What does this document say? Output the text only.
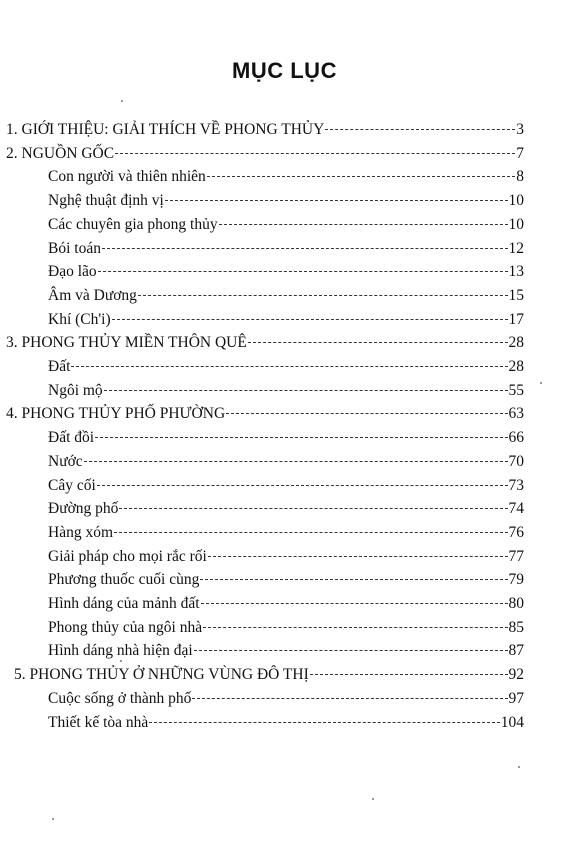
MỤC LỤC
1. GIỚI THIỆU: GIẢI THÍCH VỀ PHONG THỦY	3
2. NGUỒN GỐC	7
Con người và thiên nhiên	8
Nghệ thuật định vị	10
Các chuyên gia phong thủy	10
Bói toán	12
Đạo lão	13
Âm và Dương	15
Khí (Ch'i)	17
3. PHONG THỦY MIỀN THÔN QUÊ	28
Đất	28
Ngôi mộ	55
4. PHONG THỦY PHỐ PHƯỜNG	63
Đất đồi	66
Nước	70
Cây cối	73
Đường phố	74
Hàng xóm	76
Giải pháp cho mọi rắc rối	77
Phương thuốc cuối cùng	79
Hình dáng của mảnh đất	80
Phong thủy của ngôi nhà	85
Hình dáng nhà hiện đại	87
5. PHONG THỦY Ở NHỮNG VÙNG ĐÔ THỊ	92
Cuộc sống ở thành phố	97
Thiết kế tòa nhà	104
